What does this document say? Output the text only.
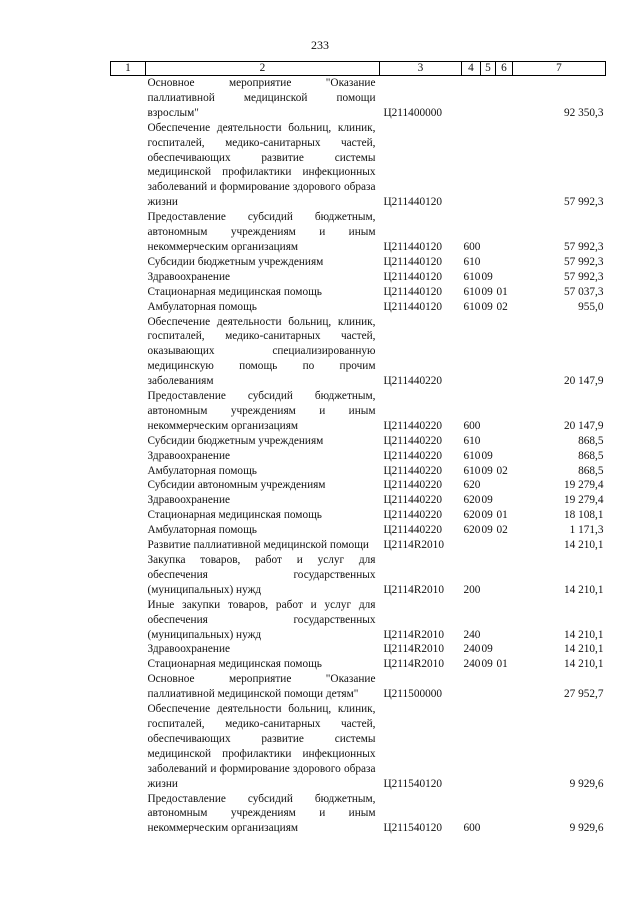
233
1	2	3	4	5	6	7
	Основное мероприятие "Оказание паллиативной медицинской помощи взрослым"	Ц211400000				92 350,3
	Обеспечение деятельности больниц, клиник, госпиталей, медико-санитарных частей, обеспечивающих развитие системы медицинской профилактики инфекционных заболеваний и формирование здорового образа жизни	Ц211440120				57 992,3
	Предоставление субсидий бюджетным, автономным учреждениям и иным некоммерческим организациям	Ц211440120	600			57 992,3
	Субсидии бюджетным учреждениям	Ц211440120	610			57 992,3
	Здравоохранение	Ц211440120	610	09		57 992,3
	Стационарная медицинская помощь	Ц211440120	610	09	01	57 037,3
	Амбулаторная помощь	Ц211440120	610	09	02	955,0
	Обеспечение деятельности больниц, клиник, госпиталей, медико-санитарных частей, оказывающих специализированную медицинскую помощь по прочим заболеваниям	Ц211440220				20 147,9
	Предоставление субсидий бюджетным, автономным учреждениям и иным некоммерческим организациям	Ц211440220	600			20 147,9
	Субсидии бюджетным учреждениям	Ц211440220	610			868,5
	Здравоохранение	Ц211440220	610	09		868,5
	Амбулаторная помощь	Ц211440220	610	09	02	868,5
	Субсидии автономным учреждениям	Ц211440220	620			19 279,4
	Здравоохранение	Ц211440220	620	09		19 279,4
	Стационарная медицинская помощь	Ц211440220	620	09	01	18 108,1
	Амбулаторная помощь	Ц211440220	620	09	02	1 171,3
	Развитие паллиативной медицинской помощи	Ц2114R2010				14 210,1
	Закупка товаров, работ и услуг для обеспечения государственных (муниципальных) нужд	Ц2114R2010	200			14 210,1
	Иные закупки товаров, работ и услуг для обеспечения государственных (муниципальных) нужд	Ц2114R2010	240			14 210,1
	Здравоохранение	Ц2114R2010	240	09		14 210,1
	Стационарная медицинская помощь	Ц2114R2010	240	09	01	14 210,1
	Основное мероприятие "Оказание паллиативной медицинской помощи детям"	Ц211500000				27 952,7
	Обеспечение деятельности больниц, клиник, госпиталей, медико-санитарных частей, обеспечивающих развитие системы медицинской профилактики инфекционных заболеваний и формирование здорового образа жизни	Ц211540120				9 929,6
	Предоставление субсидий бюджетным, автономным учреждениям и иным некоммерческим организациям	Ц211540120	600			9 929,6
